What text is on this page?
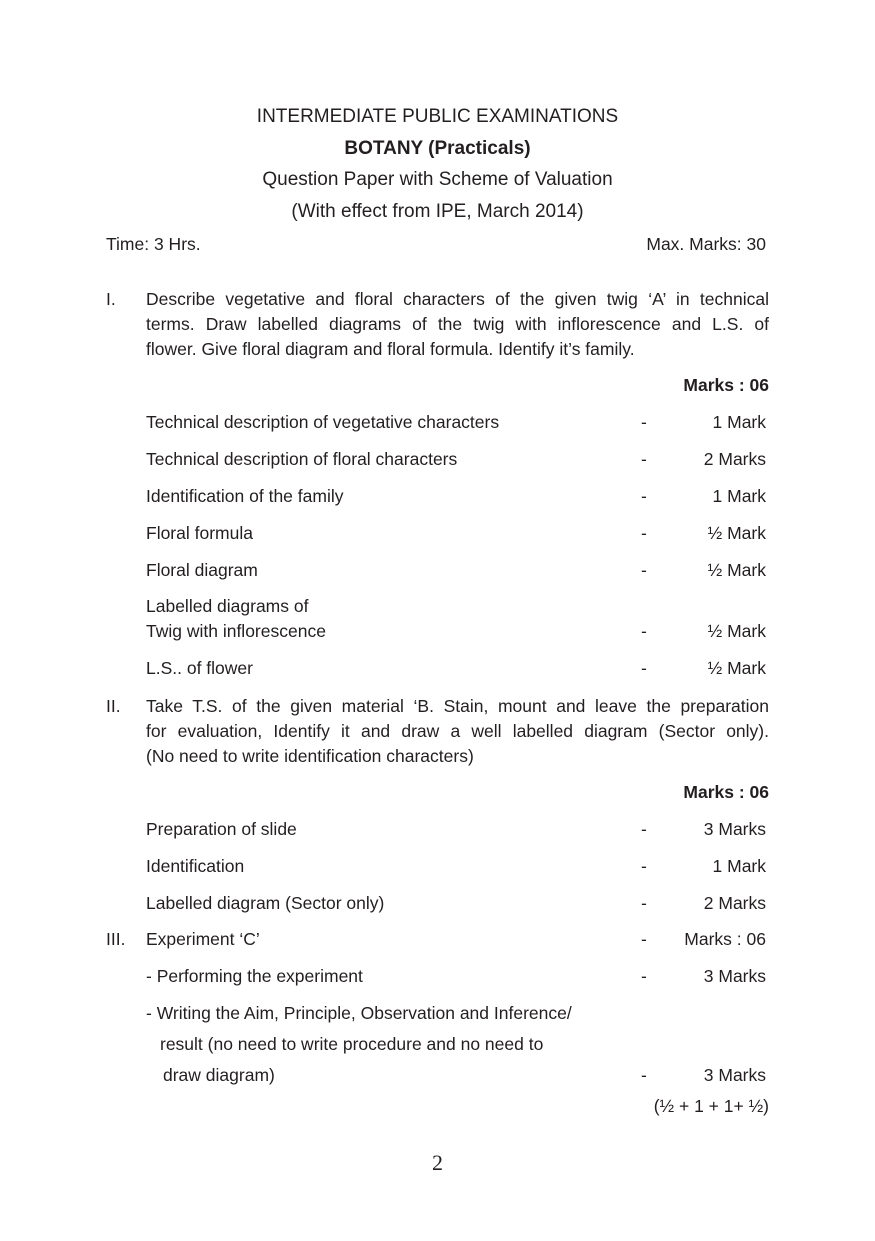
INTERMEDIATE PUBLIC EXAMINATIONS
BOTANY (Practicals)
Question Paper with Scheme of Valuation
(With effect from IPE, March 2014)
Time: 3 Hrs.	Max. Marks: 30
I. Describe vegetative and floral characters of the given twig ‘A’ in technical
terms. Draw labelled diagrams of the twig with inflorescence and L.S. of
flower. Give floral diagram and floral formula. Identify it’s family.
Marks : 06
Technical description of vegetative characters	-	1 Mark
Technical description of floral characters	-	2 Marks
Identification of the family	-	1 Mark
Floral formula	-	½ Mark
Floral diagram	-	½ Mark
Labelled diagrams of
Twig with inflorescence	-	½ Mark
L.S.. of flower	-	½ Mark
II. Take T.S. of the given material ‘B. Stain, mount and leave the preparation
for evaluation, Identify it and draw a well labelled diagram (Sector only).
(No need to write identification characters)
Marks : 06
Preparation of slide	-	3 Marks
Identification	-	1 Mark
Labelled diagram (Sector only)	-	2 Marks
III. Experiment ‘C’	- Marks : 06
- Performing the experiment	-	3 Marks
- Writing the Aim, Principle, Observation and Inference/
result (no need to write procedure and no need to
draw diagram)	-	3 Marks
(½ + 1 + 1+ ½)
2
